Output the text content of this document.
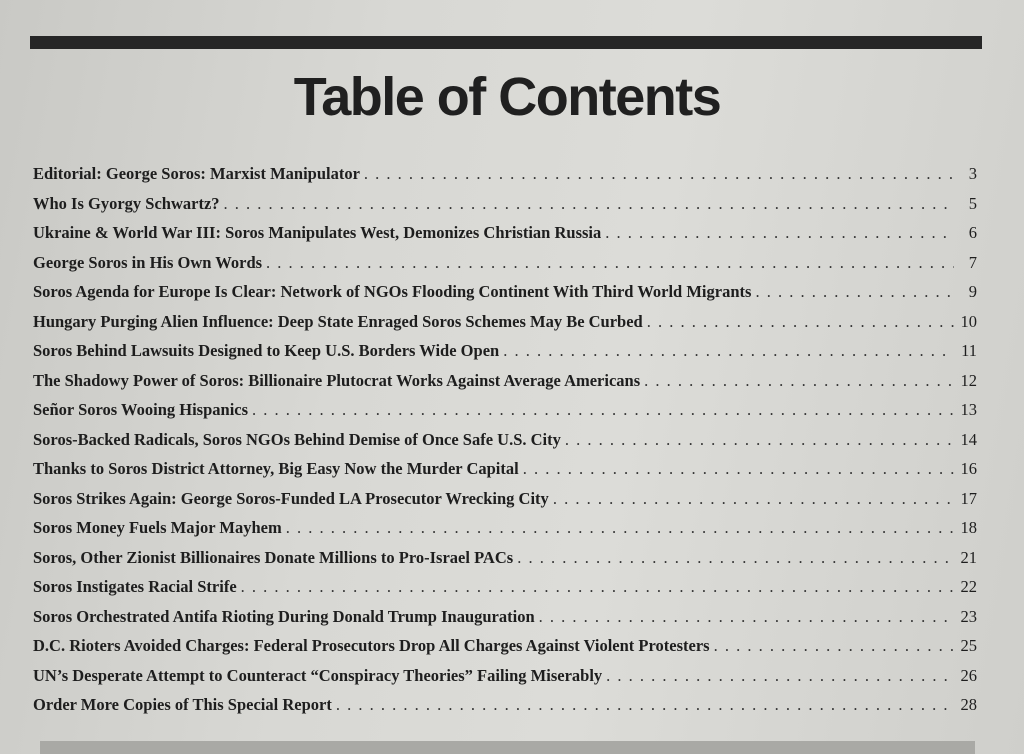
Table of Contents
Editorial: George Soros: Marxist Manipulator . . .	3
Who Is Gyorgy Schwartz? . . .	5
Ukraine & World War III: Soros Manipulates West, Demonizes Christian Russia . . .	6
George Soros in His Own Words . . .	7
Soros Agenda for Europe Is Clear: Network of NGOs Flooding Continent With Third World Migrants . . .	9
Hungary Purging Alien Influence: Deep State Enraged Soros Schemes May Be Curbed . . .	10
Soros Behind Lawsuits Designed to Keep U.S. Borders Wide Open . . .	11
The Shadowy Power of Soros: Billionaire Plutocrat Works Against Average Americans . . .	12
Señor Soros Wooing Hispanics . . .	13
Soros-Backed Radicals, Soros NGOs Behind Demise of Once Safe U.S. City . . .	14
Thanks to Soros District Attorney, Big Easy Now the Murder Capital . . .	16
Soros Strikes Again: George Soros-Funded LA Prosecutor Wrecking City . . .	17
Soros Money Fuels Major Mayhem . . .	18
Soros, Other Zionist Billionaires Donate Millions to Pro-Israel PACs . . .	21
Soros Instigates Racial Strife . . .	22
Soros Orchestrated Antifa Rioting During Donald Trump Inauguration . . .	23
D.C. Rioters Avoided Charges: Federal Prosecutors Drop All Charges Against Violent Protesters . . .	25
UN’s Desperate Attempt to Counteract “Conspiracy Theories” Failing Miserably . . .	26
Order More Copies of This Special Report . . .	28
